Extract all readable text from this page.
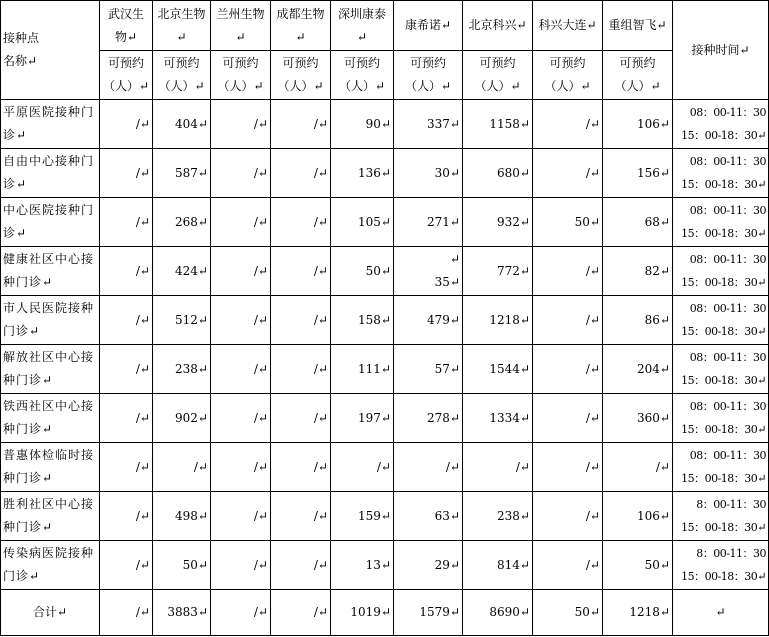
接种点
名称↵	武汉生
物↵	北京生物↵	兰州生物↵	成都生物↵	深圳康泰↵	康希诺↵	北京科兴↵	科兴大连↵	重组智飞↵	接种时间↵
	可预约
（人）↵	可预约
（人）↵	可预约
（人）↵	可预约
（人）↵	可预约
（人）↵	可预约
（人）↵	可预约
（人）↵	可预约
（人）↵	可预约
（人）↵	
平原医院接种门
诊↵	/↵	404↵	/↵	/↵	90↵	337↵	1158↵	/↵	106↵	08：00-11：30
15：00-18：30↵
自由中心接种门
诊↵	/↵	587↵	/↵	/↵	136↵	30↵	680↵	/↵	156↵	08：00-11：30
15：00-18：30↵
中心医院接种门
诊↵	/↵	268↵	/↵	/↵	105↵	271↵	932↵	50↵	68↵	08：00-11：30
15：00-18：30↵
健康社区中心接
种门诊↵	/↵	424↵	/↵	/↵	50↵	↵
35↵	772↵	/↵	82↵	08：00-11：30
15：00-18：30↵
市人民医院接种
门诊↵	/↵	512↵	/↵	/↵	158↵	479↵	1218↵	/↵	86↵	08：00-11：30
15：00-18：30↵
解放社区中心接
种门诊↵	/↵	238↵	/↵	/↵	111↵	57↵	1544↵	/↵	204↵	08：00-11：30
15：00-18：30↵
铁西社区中心接
种门诊↵	/↵	902↵	/↵	/↵	197↵	278↵	1334↵	/↵	360↵	08：00-11：30
15：00-18：30↵
普惠体检临时接
种门诊↵	/↵	/↵	/↵	/↵	/↵	/↵	/↵	/↵	/↵	08：00-11：30
15：00-18：30↵
胜利社区中心接
种门诊↵	/↵	498↵	/↵	/↵	159↵	63↵	238↵	/↵	106↵	8：00-11：30
15：00-18：30↵
传染病医院接种
门诊↵	/↵	50↵	/↵	/↵	13↵	29↵	814↵	/↵	50↵	8：00-11：30
15：00-18：30↵
合计↵	/↵	3883↵	/↵	/↵	1019↵	1579↵	8690↵	50↵	1218↵	↵
